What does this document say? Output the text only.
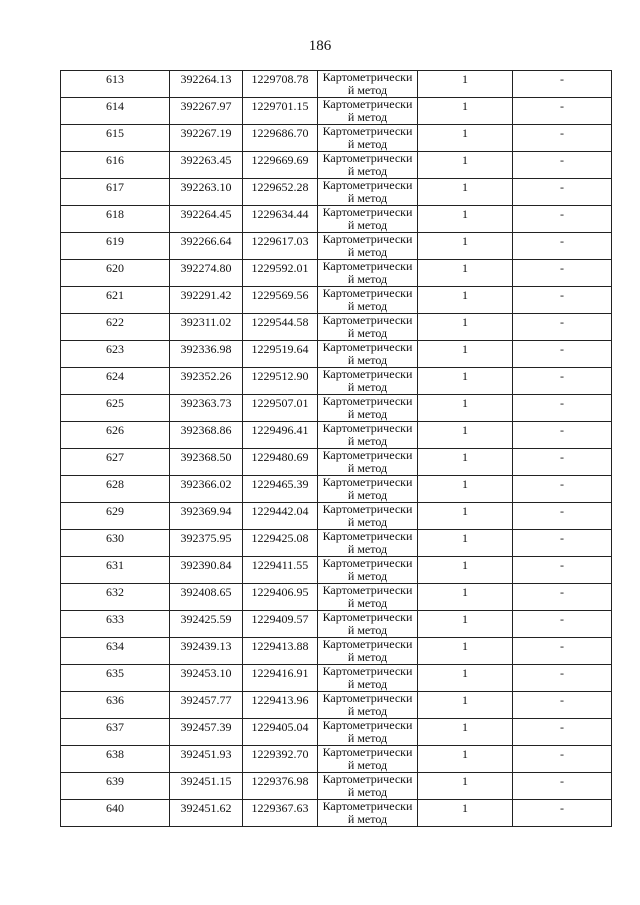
186
613	392264.13	1229708.78	Картометрически й метод	1	-

614	392267.97	1229701.15	Картометрически й метод	1	-

615	392267.19	1229686.70	Картометрически й метод	1	-

616	392263.45	1229669.69	Картометрически й метод	1	-

617	392263.10	1229652.28	Картометрически й метод	1	-

618	392264.45	1229634.44	Картометрически й метод	1	-

619	392266.64	1229617.03	Картометрически й метод	1	-

620	392274.80	1229592.01	Картометрически й метод	1	-

621	392291.42	1229569.56	Картометрически й метод	1	-

622	392311.02	1229544.58	Картометрически й метод	1	-

623	392336.98	1229519.64	Картометрически й метод	1	-

624	392352.26	1229512.90	Картометрически й метод	1	-

625	392363.73	1229507.01	Картометрически й метод	1	-

626	392368.86	1229496.41	Картометрически й метод	1	-

627	392368.50	1229480.69	Картометрически й метод	1	-

628	392366.02	1229465.39	Картометрически й метод	1	-

629	392369.94	1229442.04	Картометрически й метод	1	-

630	392375.95	1229425.08	Картометрически й метод	1	-

631	392390.84	1229411.55	Картометрически й метод	1	-

632	392408.65	1229406.95	Картометрически й метод	1	-

633	392425.59	1229409.57	Картометрически й метод	1	-

634	392439.13	1229413.88	Картометрически й метод	1	-

635	392453.10	1229416.91	Картометрически й метод	1	-

636	392457.77	1229413.96	Картометрически й метод	1	-

637	392457.39	1229405.04	Картометрически й метод	1	-

638	392451.93	1229392.70	Картометрически й метод	1	-

639	392451.15	1229376.98	Картометрически й метод	1	-

640	392451.62	1229367.63	Картометрически й метод	1	-
